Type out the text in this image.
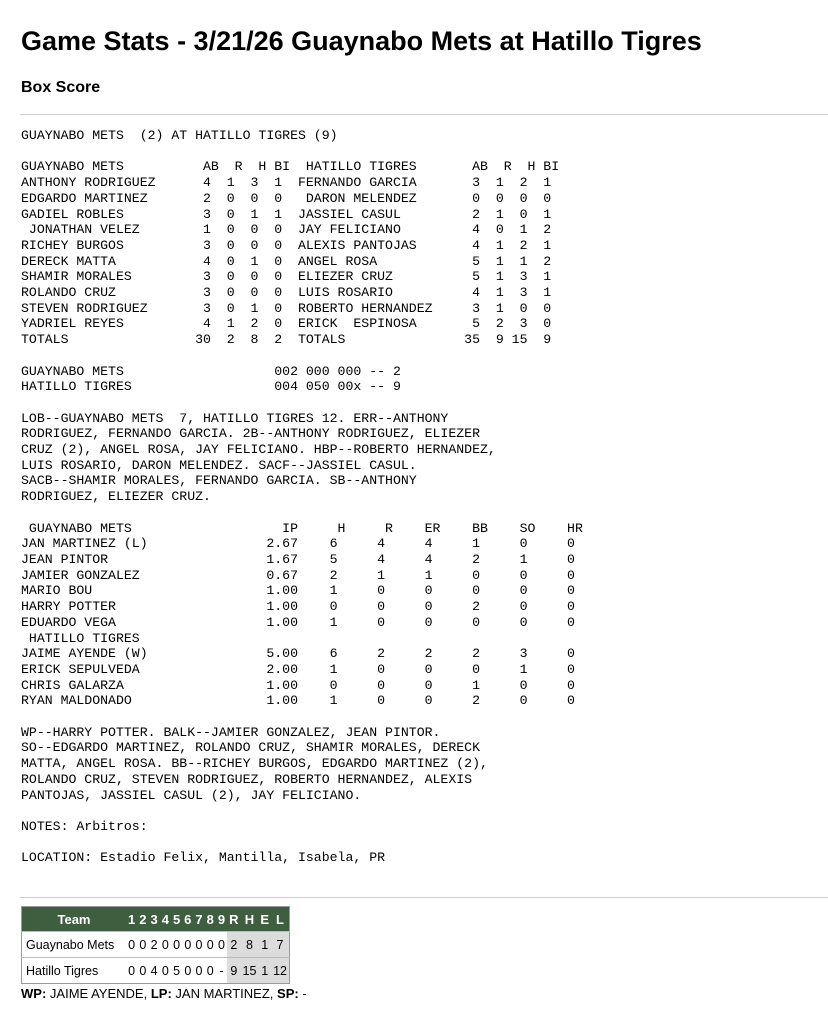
Game Stats - 3/21/26 Guaynabo Mets at Hatillo Tigres
Box Score
GUAYNABO METS  (2) AT HATILLO TIGRES (9)

GUAYNABO METS          AB  R  H BI  HATILLO TIGRES       AB  R  H BI
ANTHONY RODRIGUEZ      4  1  3  1  FERNANDO GARCIA       3  1  2  1
EDGARDO MARTINEZ       2  0  0  0   DARON MELENDEZ       0  0  0  0
GADIEL ROBLES          3  0  1  1  JASSIEL CASUL         2  1  0  1
JONATHAN VELEZ        1  0  0  0  JAY FELICIANO         4  0  1  2
RICHEY BURGOS          3  0  0  0  ALEXIS PANTOJAS       4  1  2  1
DERECK MATTA           4  0  1  0  ANGEL ROSA            5  1  1  2
SHAMIR MORALES         3  0  0  0  ELIEZER CRUZ          5  1  3  1
ROLANDO CRUZ           3  0  0  0  LUIS ROSARIO          4  1  3  1
STEVEN RODRIGUEZ       3  0  1  0  ROBERTO HERNANDEZ     3  1  0  0
YADRIEL REYES          4  1  2  0  ERICK  ESPINOSA       5  2  3  0
TOTALS                30  2  8  2  TOTALS               35  9 15  9

GUAYNABO METS                   002 000 000 -- 2
HATILLO TIGRES                  004 050 00x -- 9

LOB--GUAYNABO METS  7, HATILLO TIGRES 12. ERR--ANTHONY
RODRIGUEZ, FERNANDO GARCIA. 2B--ANTHONY RODRIGUEZ, ELIEZER
CRUZ (2), ANGEL ROSA, JAY FELICIANO. HBP--ROBERTO HERNANDEZ,
LUIS ROSARIO, DARON MELENDEZ. SACF--JASSIEL CASUL.
SACB--SHAMIR MORALES, FERNANDO GARCIA. SB--ANTHONY
RODRIGUEZ, ELIEZER CRUZ.

GUAYNABO METS                   IP     H     R    ER    BB    SO    HR
JAN MARTINEZ (L)               2.67    6     4     4     1     0     0
JEAN PINTOR                    1.67    5     4     4     2     1     0
JAMIER GONZALEZ                0.67    2     1     1     0     0     0
MARIO BOU                      1.00    1     0     0     0     0     0
HARRY POTTER                   1.00    0     0     0     2     0     0
EDUARDO VEGA                   1.00    1     0     0     0     0     0
HATILLO TIGRES
JAIME AYENDE (W)               5.00    6     2     2     2     3     0
ERICK SEPULVEDA                2.00    1     0     0     0     1     0
CHRIS GALARZA                  1.00    0     0     0     1     0     0
RYAN MALDONADO                 1.00    1     0     0     2     0     0

WP--HARRY POTTER. BALK--JAMIER GONZALEZ, JEAN PINTOR.
SO--EDGARDO MARTINEZ, ROLANDO CRUZ, SHAMIR MORALES, DERECK
MATTA, ANGEL ROSA. BB--RICHEY BURGOS, EDGARDO MARTINEZ (2),
ROLANDO CRUZ, STEVEN RODRIGUEZ, ROBERTO HERNANDEZ, ALEXIS
PANTOJAS, JASSIEL CASUL (2), JAY FELICIANO.

NOTES: Arbitros:

LOCATION: Estadio Felix, Mantilla, Isabela, PR

Team	1	2	3	4	5	6	7	8	9	R	H	E	L
Guaynabo Mets	0	0	2	0	0	0	0	0	0	2	8	1	7
Hatillo Tigres	0	0	4	0	5	0	0	0	-	9	15	1	12
WP: JAIME AYENDE, LP: JAN MARTINEZ, SP: -
